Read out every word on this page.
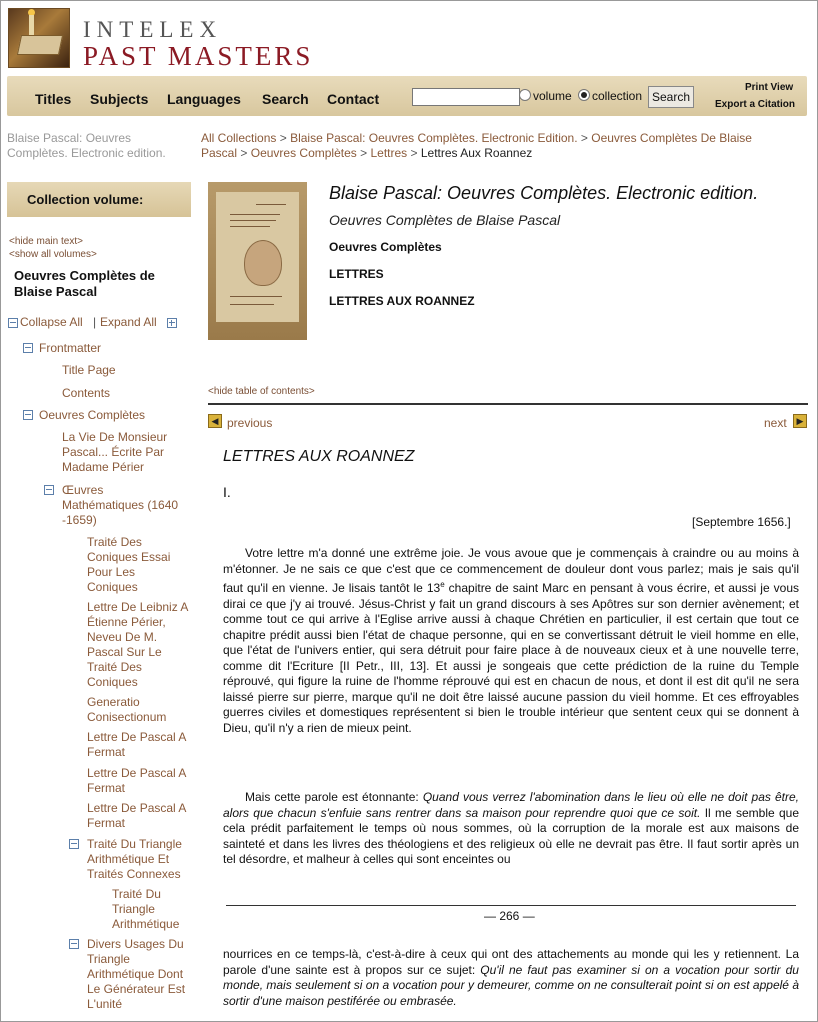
INTELEX
PAST MASTERS
Titles Subjects Languages Search Contact	volume collection Search
Print View
Export a Citation
Blaise Pascal: Oeuvres
Complètes. Electronic edition.
Collection volume:
<hide main text>
<show all volumes>
Oeuvres Complètes de
Blaise Pascal
Collapse All | Expand All
Frontmatter
Title Page
Contents
Oeuvres Complètes
La Vie De Monsieur
Pascal... Écrite Par
Madame Périer
Œuvres
Mathématiques (1640
-1659)
Traité Des
Coniques Essai
Pour Les
Coniques
Lettre De Leibniz A
Étienne Périer,
Neveu De M.
Pascal Sur Le
Traité Des
Coniques
Generatio
Conisectionum
Lettre De Pascal A
Fermat
Lettre De Pascal A
Fermat
Lettre De Pascal A
Fermat
Traité Du Triangle
Arithmétique Et
Traités Connexes
Traité Du
Triangle
Arithmétique
Divers Usages Du
Triangle
Arithmétique Dont
Le Générateur Est
L'unité
All Collections > Blaise Pascal: Oeuvres Complètes. Electronic Edition. > Oeuvres Complètes De Blaise
Pascal > Oeuvres Complètes > Lettres > Lettres Aux Roannez
Blaise Pascal: Oeuvres Complètes. Electronic edition.
Oeuvres Complètes de Blaise Pascal
Oeuvres Complètes
LETTRES
LETTRES AUX ROANNEZ
<hide table of contents>
◀ previous	next	▶
LETTRES AUX ROANNEZ
I.
[Septembre 1656.]

Votre lettre m'a donné une extrême joie. Je vous avoue que je commençais à craindre ou au moins à m'étonner. Je ne sais ce que c'est que ce commencement de douleur dont vous parlez; mais je sais qu'il faut qu'il en vienne. Je lisais tantôt le 13e chapitre de saint Marc en pensant à vous écrire, et aussi je vous dirai ce que j'y ai trouvé. Jésus-Christ y fait un grand discours à ses Apôtres sur son dernier avènement; et comme tout ce qui arrive à l'Eglise arrive aussi à chaque Chrétien en particulier, il est certain que tout ce chapitre prédit aussi bien l'état de chaque personne, qui en se convertissant détruit le vieil homme en elle, que l'état de l'univers entier, qui sera détruit pour faire place à de nouveaux cieux et à une nouvelle terre, comme dit l'Ecriture [II Petr., III, 13]. Et aussi je songeais que cette prédiction de la ruine du Temple réprouvé, qui figure la ruine de l'homme réprouvé qui est en chacun de nous, et dont il est dit qu'il ne sera laissé pierre sur pierre, marque qu'il ne doit être laissé aucune passion du vieil homme. Et ces effroyables guerres civiles et domestiques représentent si bien le trouble intérieur que sentent ceux qui se donnent à Dieu, qu'il n'y a rien de mieux peint.

Mais cette parole est étonnante: Quand vous verrez l'abomination dans le lieu où elle ne doit pas être, alors que chacun s'enfuie sans rentrer dans sa maison pour reprendre quoi que ce soit. Il me semble que cela prédit parfaitement le temps où nous sommes, où la corruption de la morale est aux maisons de sainteté et dans les livres des théologiens et des religieux où elle ne devrait pas être. Il faut sortir après un tel désordre, et malheur à celles qui sont enceintes ou

— 266 —

nourrices en ce temps-là, c'est-à-dire à ceux qui ont des attachements au monde qui les y retiennent. La parole d'une sainte est à propos sur ce sujet: Qu'il ne faut pas examiner si on a vocation pour sortir du monde, mais seulement si on a vocation pour y demeurer, comme on ne consulterait point si on est appelé à sortir d'une maison pestiférée ou embrasée.
